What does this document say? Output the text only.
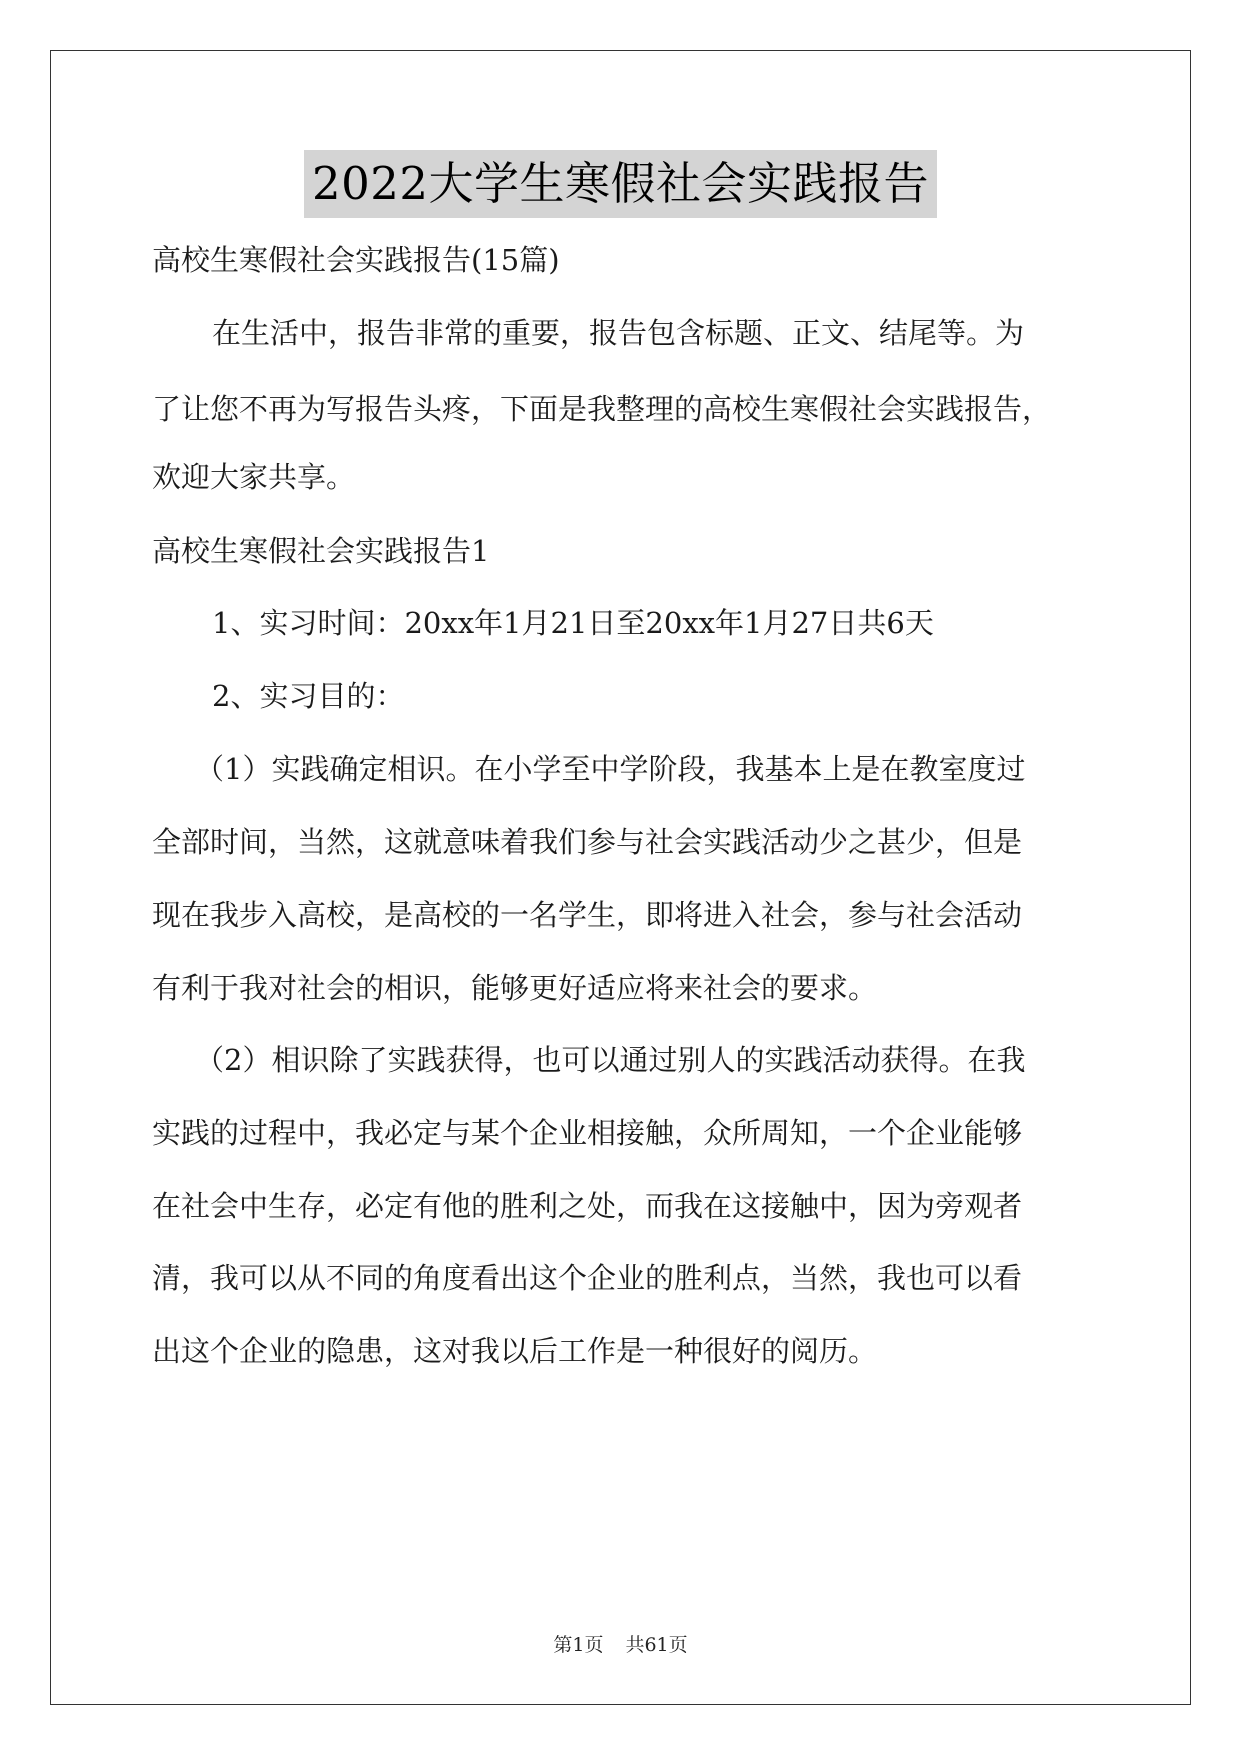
2022大学生寒假社会实践报告

高校生寒假社会实践报告(15篇)

在生活中，报告非常的重要，报告包含标题、正文、结尾等。为

了让您不再为写报告头疼，下面是我整理的高校生寒假社会实践报告，

欢迎大家共享。

高校生寒假社会实践报告1

1、实习时间：20xx年1月21日至20xx年1月27日共6天

2、实习目的：

（1）实践确定相识。在小学至中学阶段，我基本上是在教室度过

全部时间，当然，这就意味着我们参与社会实践活动少之甚少，但是

现在我步入高校，是高校的一名学生，即将进入社会，参与社会活动

有利于我对社会的相识，能够更好适应将来社会的要求。

（2）相识除了实践获得，也可以通过别人的实践活动获得。在我

实践的过程中，我必定与某个企业相接触，众所周知，一个企业能够

在社会中生存，必定有他的胜利之处，而我在这接触中，因为旁观者

清，我可以从不同的角度看出这个企业的胜利点，当然，我也可以看

出这个企业的隐患，这对我以后工作是一种很好的阅历。

第1页 共61页
